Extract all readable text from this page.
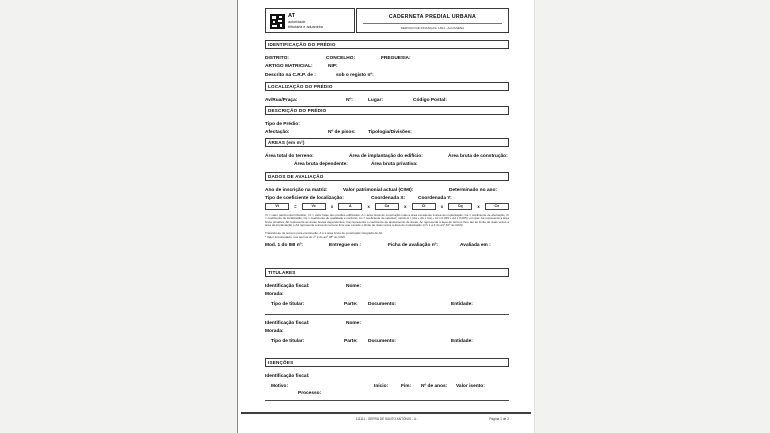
AT
autoridade
tributária e aduaneira
CADERNETA PREDIAL URBANA
SERVIÇO DE FINANÇAS: 1821 - ALCANENA
IDENTIFICAÇÃO DO PRÉDIO
DISTRITO:	CONCELHO:	FREGUESIA:
ARTIGO MATRICIAL:	NIP:
Descrito na C.R.P. de :	sob o registo nº:
LOCALIZAÇÃO DO PRÉDIO
Av/Rua/Praça:	Nº:	Lugar:	Código Postal:
DESCRIÇÃO DO PRÉDIO
Tipo de Prédio:
Afectação:	Nº de pisos:	Tipologia/Divisões:
ÁREAS (em m²)
Área total do terreno:	Área de implantação do edifício:	Área bruta de construção:
Área bruta dependente:	Área bruta privativa:
DADOS DE AVALIAÇÃO
Ano de inscrição na matriz:	Valor patrimonial actual (CIMI):	Determinado no ano:
Tipo de coeficiente de localização:	Coordenada X:	Coordenada Y:
Vt	=	Vc	x	A	x	Ca	x	Cl	x	Cq	x	Cv
Vt = valor patrimonial tributário; Vc = valor base dos prédios edificados; A = área bruta de construção mais a área excedente à área de implantação; Ca = coeficiente de afectação; Cl = coeficiente de localização; Cq = coeficiente de qualidade e conforto; Cv = coeficiente de vetustez; sendo A = (Aa + Ab x Caj + Ac x 0,025 + Ad x 0,005), em que: Aa representa a área bruta privativa, Ab representa as áreas brutas dependentes, Caj representa o coeficiente de ajustamento de áreas, Ac representa a área do terreno livre até ao limite de duas vezes a área de implantação e Ad representa a área do terreno livre que excede o limite de duas vezes a área de implantação (nºs 1 a 4 do artº 40º do CIMI).
Tratando-se de terreno para construção, A é a área bruta de construção integrada de Ab.
* Valor arredondado, nos termos do nº 2 do artº 38º do CIMI.
Mod. 1 do IMI nº:	Entregue em :	Ficha de avaliação nº:	Avaliada em :
TITULARES
Identificação fiscal:	Nome:
Morada:
Tipo de titular:	Parte: Documento:	Entidade:
Identificação fiscal:	Nome:
Morada:
Tipo de titular:	Parte: Documento:	Entidade:
ISENÇÕES
Identificação fiscal:
Motivo:	Início:	Fim: Nº de anos: Valor isento:
Processo:
111111 - SERRA DE SANTO ANTÓNIO - U -	Página 1 de 2
